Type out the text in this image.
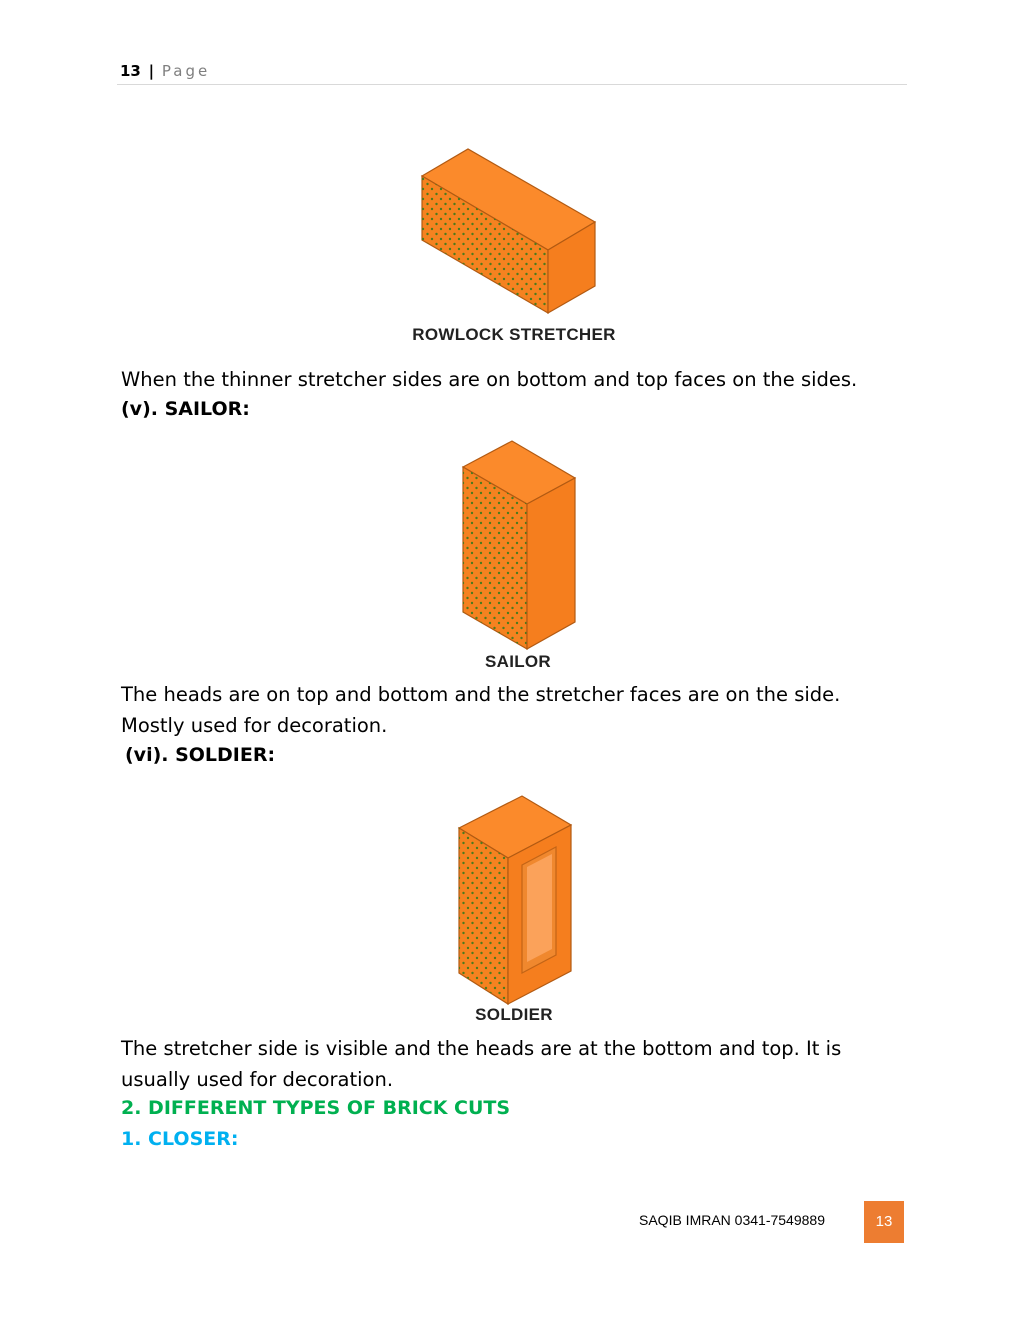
13 | Page
ROWLOCK STRETCHER

When the thinner stretcher sides are on bottom and top faces on the sides.

(v). SAILOR:
SAILOR

The heads are on top and bottom and the stretcher faces are on the side. Mostly used for decoration.

(vi). SOLDIER:
SOLDIER

The stretcher side is visible and the heads are at the bottom and top. It is usually used for decoration.

2. DIFFERENT TYPES OF BRICK CUTS
1. CLOSER:
SAQIB IMRAN 0341-7549889	13
